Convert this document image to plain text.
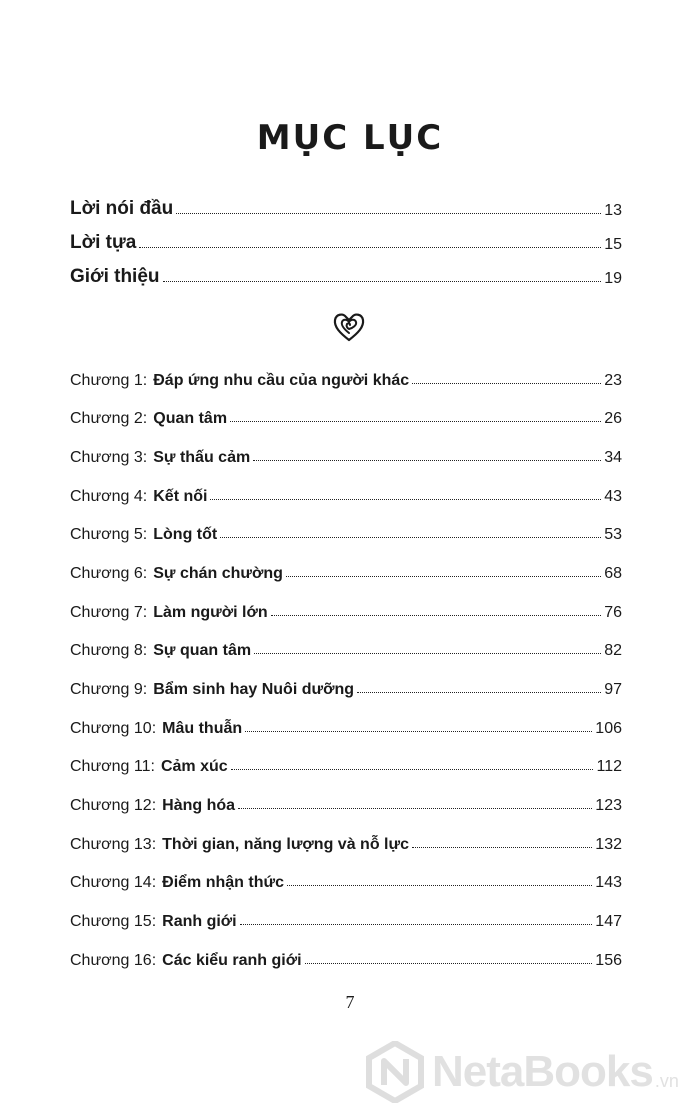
MỤC LỤC
Lời nói đầu	13
Lời tựa	15
Giới thiệu	19
Chương 1: Đáp ứng nhu cầu của người khác	23
Chương 2: Quan tâm	26
Chương 3: Sự thấu cảm	34
Chương 4: Kết nối	43
Chương 5: Lòng tốt	53
Chương 6: Sự chán chường	68
Chương 7: Làm người lớn	76
Chương 8: Sự quan tâm	82
Chương 9: Bẩm sinh hay Nuôi dưỡng	97
Chương 10: Mâu thuẫn	106
Chương 11: Cảm xúc	112
Chương 12: Hàng hóa	123
Chương 13: Thời gian, năng lượng và nỗ lực	132
Chương 14: Điểm nhận thức	143
Chương 15: Ranh giới	147
Chương 16: Các kiểu ranh giới	156
7
NetaBooks .vn
